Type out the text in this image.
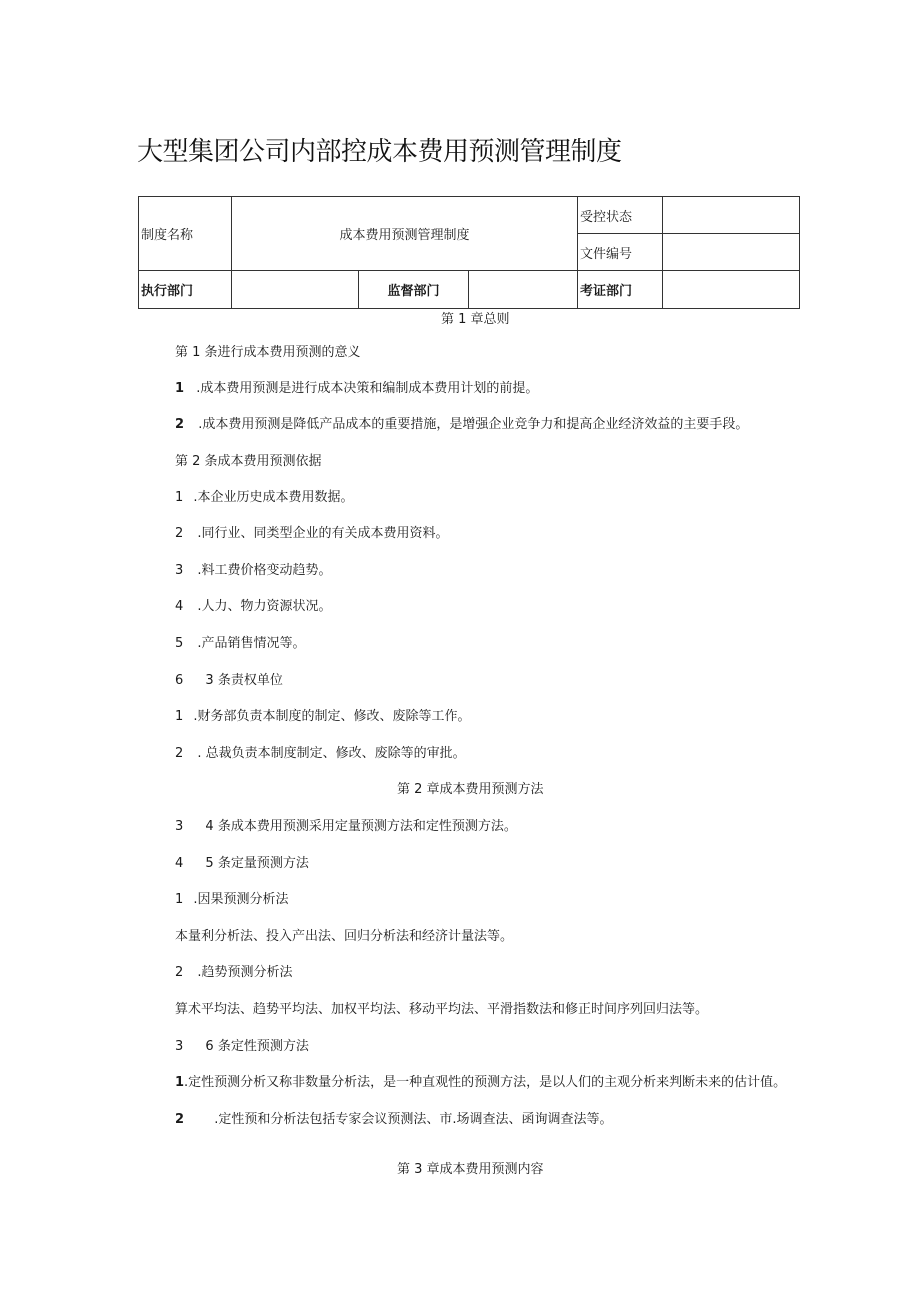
大型集团公司内部控成本费用预测管理制度
制度名称	成本费用预测管理制度			受控状态	
				文件编号	
执行部门		监督部门		考证部门	
第 1 章总则
第 1 条进行成本费用预测的意义
1 .成本费用预测是进行成本决策和编制成本费用计划的前提。
2 .成本费用预测是降低产品成本的重要措施，是增强企业竞争力和提高企业经济效益的主要手段。
第 2 条成本费用预测依据
1 .本企业历史成本费用数据。
2 .同行业、同类型企业的有关成本费用资料。
3 .料工费价格变动趋势。
4 .人力、物力资源状况。
5 .产品销售情况等。
6 3 条责权单位
1 .财务部负责本制度的制定、修改、废除等工作。
2 . 总裁负责本制度制定、修改、废除等的审批。
第 2 章成本费用预测方法
3 4 条成本费用预测采用定量预测方法和定性预测方法。
4 5 条定量预测方法
1 .因果预测分析法
本量利分析法、投入产出法、回归分析法和经济计量法等。
2 .趋势预测分析法
算术平均法、趋势平均法、加权平均法、移动平均法、平滑指数法和修正时间序列回归法等。
3 6 条定性预测方法
1.定性预测分析又称非数量分析法，是一种直观性的预测方法，是以人们的主观分析来判断未来的估计值。
2 .定性预和分析法包括专家会议预测法、市.场调查法、函询调查法等。
第 3 章成本费用预测内容
